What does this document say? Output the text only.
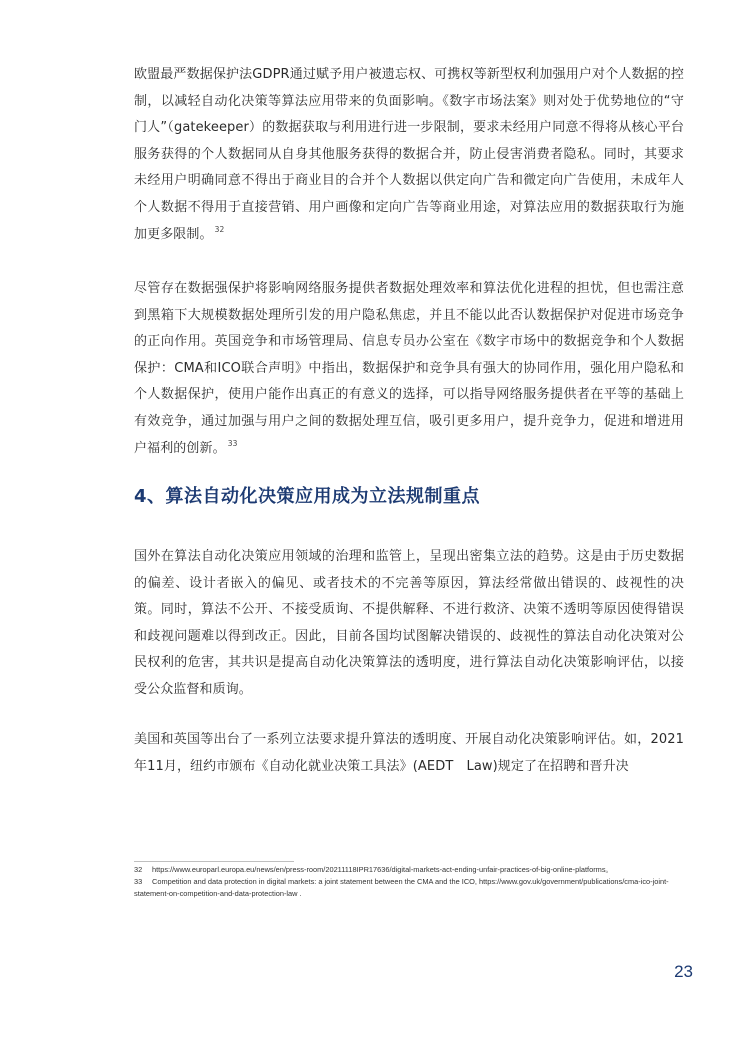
欧盟最严数据保护法GDPR通过赋予用户被遗忘权、可携权等新型权利加强用户对个人数据的控制，以减轻自动化决策等算法应用带来的负面影响。《数字市场法案》则对处于优势地位的“守门人”（gatekeeper）的数据获取与利用进行进一步限制，要求未经用户同意不得将从核心平台服务获得的个人数据同从自身其他服务获得的数据合并，防止侵害消费者隐私。同时，其要求未经用户明确同意不得出于商业目的合并个人数据以供定向广告和微定向广告使用，未成年人个人数据不得用于直接营销、用户画像和定向广告等商业用途，对算法应用的数据获取行为施加更多限制。 $^{32}$

尽管存在数据强保护将影响网络服务提供者数据处理效率和算法优化进程的担忧，但也需注意到黑箱下大规模数据处理所引发的用户隐私焦虑，并且不能以此否认数据保护对促进市场竞争的正向作用。英国竞争和市场管理局、信息专员办公室在《数字市场中的数据竞争和个人数据保护：CMA和ICO联合声明》中指出，数据保护和竞争具有强大的协同作用，强化用户隐私和个人数据保护，使用户能作出真正的有意义的选择，可以指导网络服务提供者在平等的基础上有效竞争，通过加强与用户之间的数据处理互信，吸引更多用户，提升竞争力，促进和增进用户福利的创新。 $^{33}$

4、算法自动化决策应用成为立法规制重点

国外在算法自动化决策应用领域的治理和监管上，呈现出密集立法的趋势。这是由于历史数据的偏差、设计者嵌入的偏见、或者技术的不完善等原因，算法经常做出错误的、歧视性的决策。同时，算法不公开、不接受质询、不提供解释、不进行救济、决策不透明等原因使得错误和歧视问题难以得到改正。因此，目前各国均试图解决错误的、歧视性的算法自动化决策对公民权利的危害，其共识是提高自动化决策算法的透明度，进行算法自动化决策影响评估，以接受公众监督和质询。

美国和英国等出台了一系列立法要求提升算法的透明度、开展自动化决策影响评估。如，2021年11月，纽约市颁布《自动化就业决策工具法》(AEDT　Law)规定了在招聘和晋升决

32 https://www.europarl.europa.eu/news/en/press-room/20211118IPR17636/digital-markets-act-ending-unfair-practices-of-big-online-platforms。

33 Competition and data protection in digital markets: a joint statement between the CMA and the ICO, https://www.gov.uk/government/publications/cma-ico-joint-statement-on-competition-and-data-protection-law .

23
